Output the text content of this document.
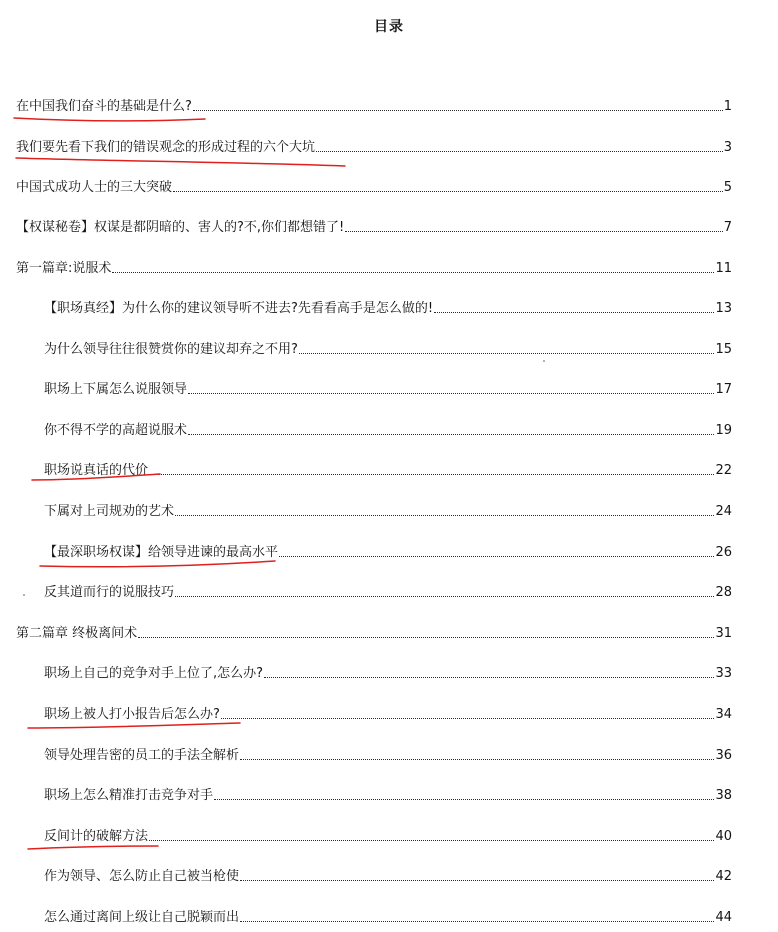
目录
在中国我们奋斗的基础是什么?	1
我们要先看下我们的错误观念的形成过程的六个大坑	3
中国式成功人士的三大突破	5
【权谋秘卷】权谋是都阴暗的、害人的?不,你们都想错了!	7
第一篇章:说服术	11
【职场真经】为什么你的建议领导听不进去?先看看高手是怎么做的!	13
为什么领导往往很赞赏你的建议却弃之不用?	15
职场上下属怎么说服领导	17
你不得不学的高超说服术	19
职场说真话的代价	22
下属对上司规劝的艺术	24
【最深职场权谋】给领导进谏的最高水平	26
反其道而行的说服技巧	28
第二篇章 终极离间术	31
职场上自己的竞争对手上位了,怎么办?	33
职场上被人打小报告后怎么办?	34
领导处理告密的员工的手法全解析	36
职场上怎么精准打击竞争对手	38
反间计的破解方法	40
作为领导、怎么防止自己被当枪使	42
怎么通过离间上级让自己脱颖而出	44
